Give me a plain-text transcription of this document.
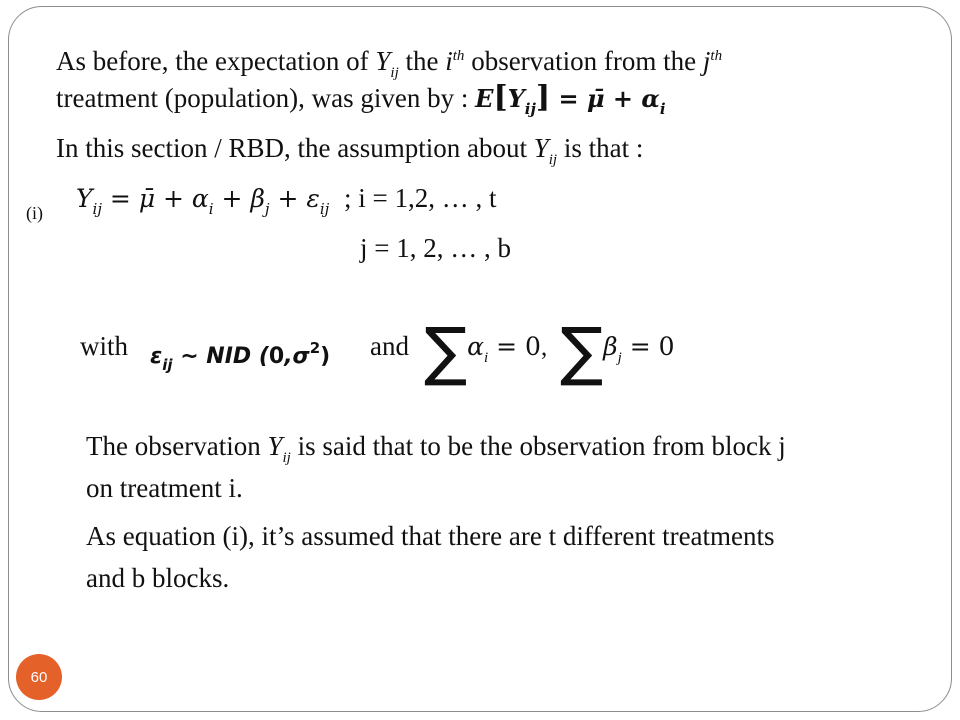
As before, the expectation of $Y_{ij}$ the $i^{th}$ observation from the $j^{th}$
treatment (population), was given by : $E[Y_{ij}]$ = μ̄ + $\alpha_i$
In this section / RBD, the assumption about $Y_{ij}$ is that :
(i) $Y_{ij}$ = μ̄ + $\alpha_i + \beta_j + \varepsilon_{ij}$ ; i = 1,2, … , t
j = 1, 2, … , b
with $\varepsilon_{ij}$ ~ NID $(0,\sigma^2)$ and $\sum\alpha_i = 0$, $\sum\beta_j = 0$
The observation $Y_{ij}$ is said that to be the observation from block j
on treatment i.
As equation (i), it’s assumed that there are t different treatments
and b blocks.
60
